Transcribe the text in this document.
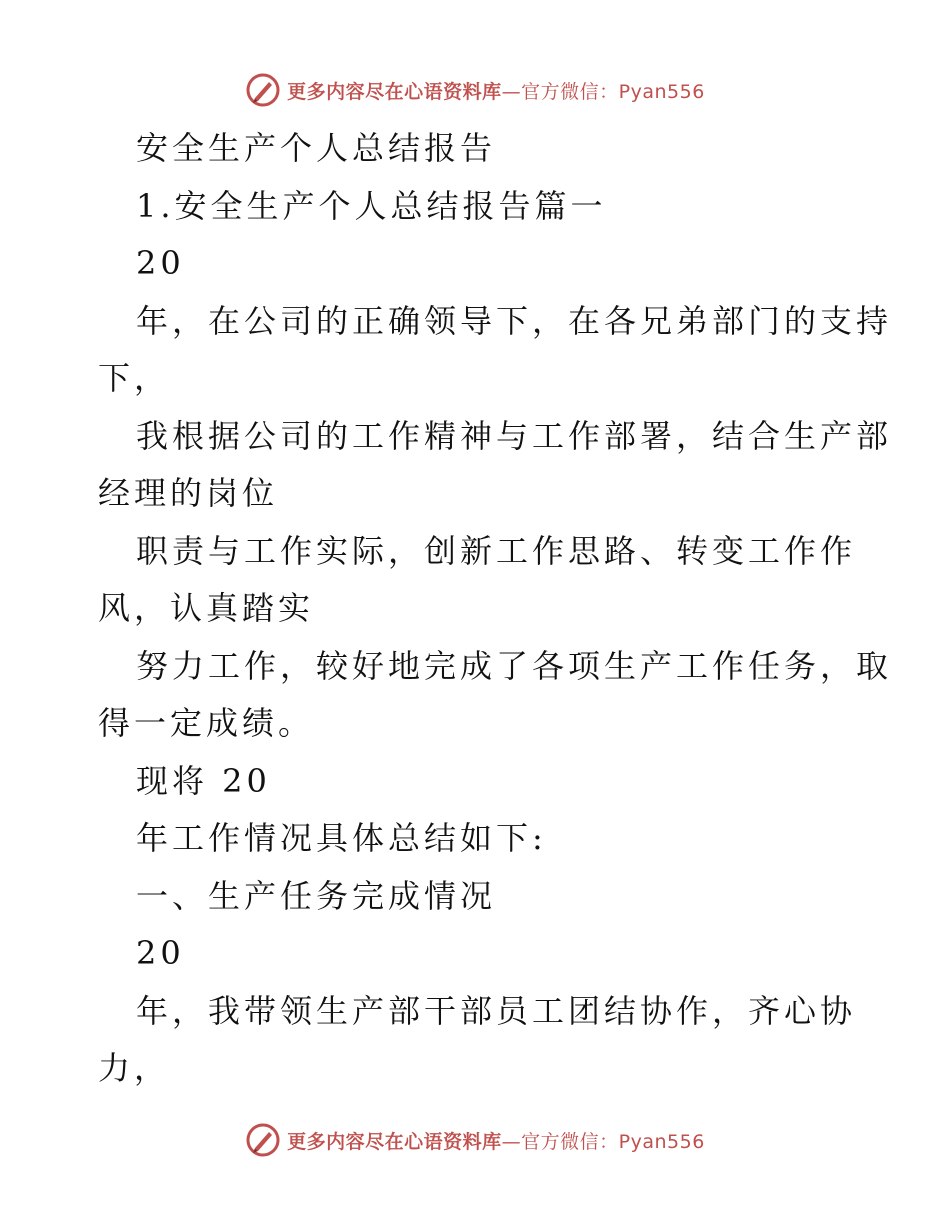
更多内容尽在心语资料库—官方微信：Pyan556
安全生产个人总结报告
1.安全生产个人总结报告篇一
20
年，在公司的正确领导下，在各兄弟部门的支持
下，
我根据公司的工作精神与工作部署，结合生产部
经理的岗位
职责与工作实际，创新工作思路、转变工作作
风，认真踏实
努力工作，较好地完成了各项生产工作任务，取
得一定成绩。
现将 20
年工作情况具体总结如下:
一、生产任务完成情况
20
年，我带领生产部干部员工团结协作，齐心协
力，
更多内容尽在心语资料库—官方微信：Pyan556
